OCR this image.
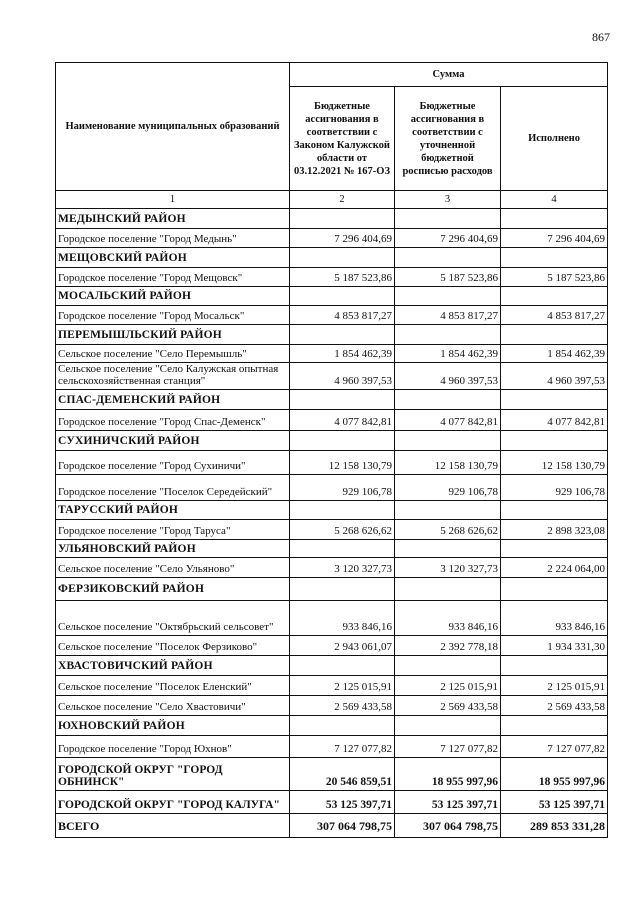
867
Наименование муниципальных образований	Сумма		
	Бюджетные ассигнования в соответствии с Законом Калужской области от 03.12.2021 № 167-ОЗ	Бюджетные ассигнования в соответствии с уточненной бюджетной росписью расходов	Исполнено
1	2	3	4
МЕДЫНСКИЙ РАЙОН			
Городское поселение "Город Медынь"	7 296 404,69	7 296 404,69	7 296 404,69
МЕЩОВСКИЙ РАЙОН			
Городское поселение "Город Мещовск"	5 187 523,86	5 187 523,86	5 187 523,86
МОСАЛЬСКИЙ РАЙОН			
Городское поселение "Город Мосальск"	4 853 817,27	4 853 817,27	4 853 817,27
ПЕРЕМЫШЛЬСКИЙ РАЙОН			
Сельское поселение "Село Перемышль"	1 854 462,39	1 854 462,39	1 854 462,39
Сельское поселение "Село Калужская опытная сельскохозяйственная станция"	4 960 397,53	4 960 397,53	4 960 397,53
СПАС-ДЕМЕНСКИЙ РАЙОН			
Городское поселение "Город Спас-Деменск"	4 077 842,81	4 077 842,81	4 077 842,81
СУХИНИЧСКИЙ РАЙОН			
Городское поселение "Город Сухиничи"	12 158 130,79	12 158 130,79	12 158 130,79
Городское поселение "Поселок Середейский"	929 106,78	929 106,78	929 106,78
ТАРУССКИЙ РАЙОН			
Городское поселение "Город Таруса"	5 268 626,62	5 268 626,62	2 898 323,08
УЛЬЯНОВСКИЙ РАЙОН			
Сельское поселение "Село Ульяново"	3 120 327,73	3 120 327,73	2 224 064,00
ФЕРЗИКОВСКИЙ РАЙОН			
Сельское поселение "Октябрьский сельсовет"	933 846,16	933 846,16	933 846,16
Сельское поселение "Поселок Ферзиково"	2 943 061,07	2 392 778,18	1 934 331,30
ХВАСТОВИЧСКИЙ РАЙОН			
Сельское поселение "Поселок Еленский"	2 125 015,91	2 125 015,91	2 125 015,91
Сельское поселение "Село Хвастовичи"	2 569 433,58	2 569 433,58	2 569 433,58
ЮХНОВСКИЙ РАЙОН			
Городское поселение "Город Юхнов"	7 127 077,82	7 127 077,82	7 127 077,82
ГОРОДСКОЙ ОКРУГ "ГОРОД ОБНИНСК"	20 546 859,51	18 955 997,96	18 955 997,96
ГОРОДСКОЙ ОКРУГ "ГОРОД КАЛУГА"	53 125 397,71	53 125 397,71	53 125 397,71
ВСЕГО	307 064 798,75	307 064 798,75	289 853 331,28
